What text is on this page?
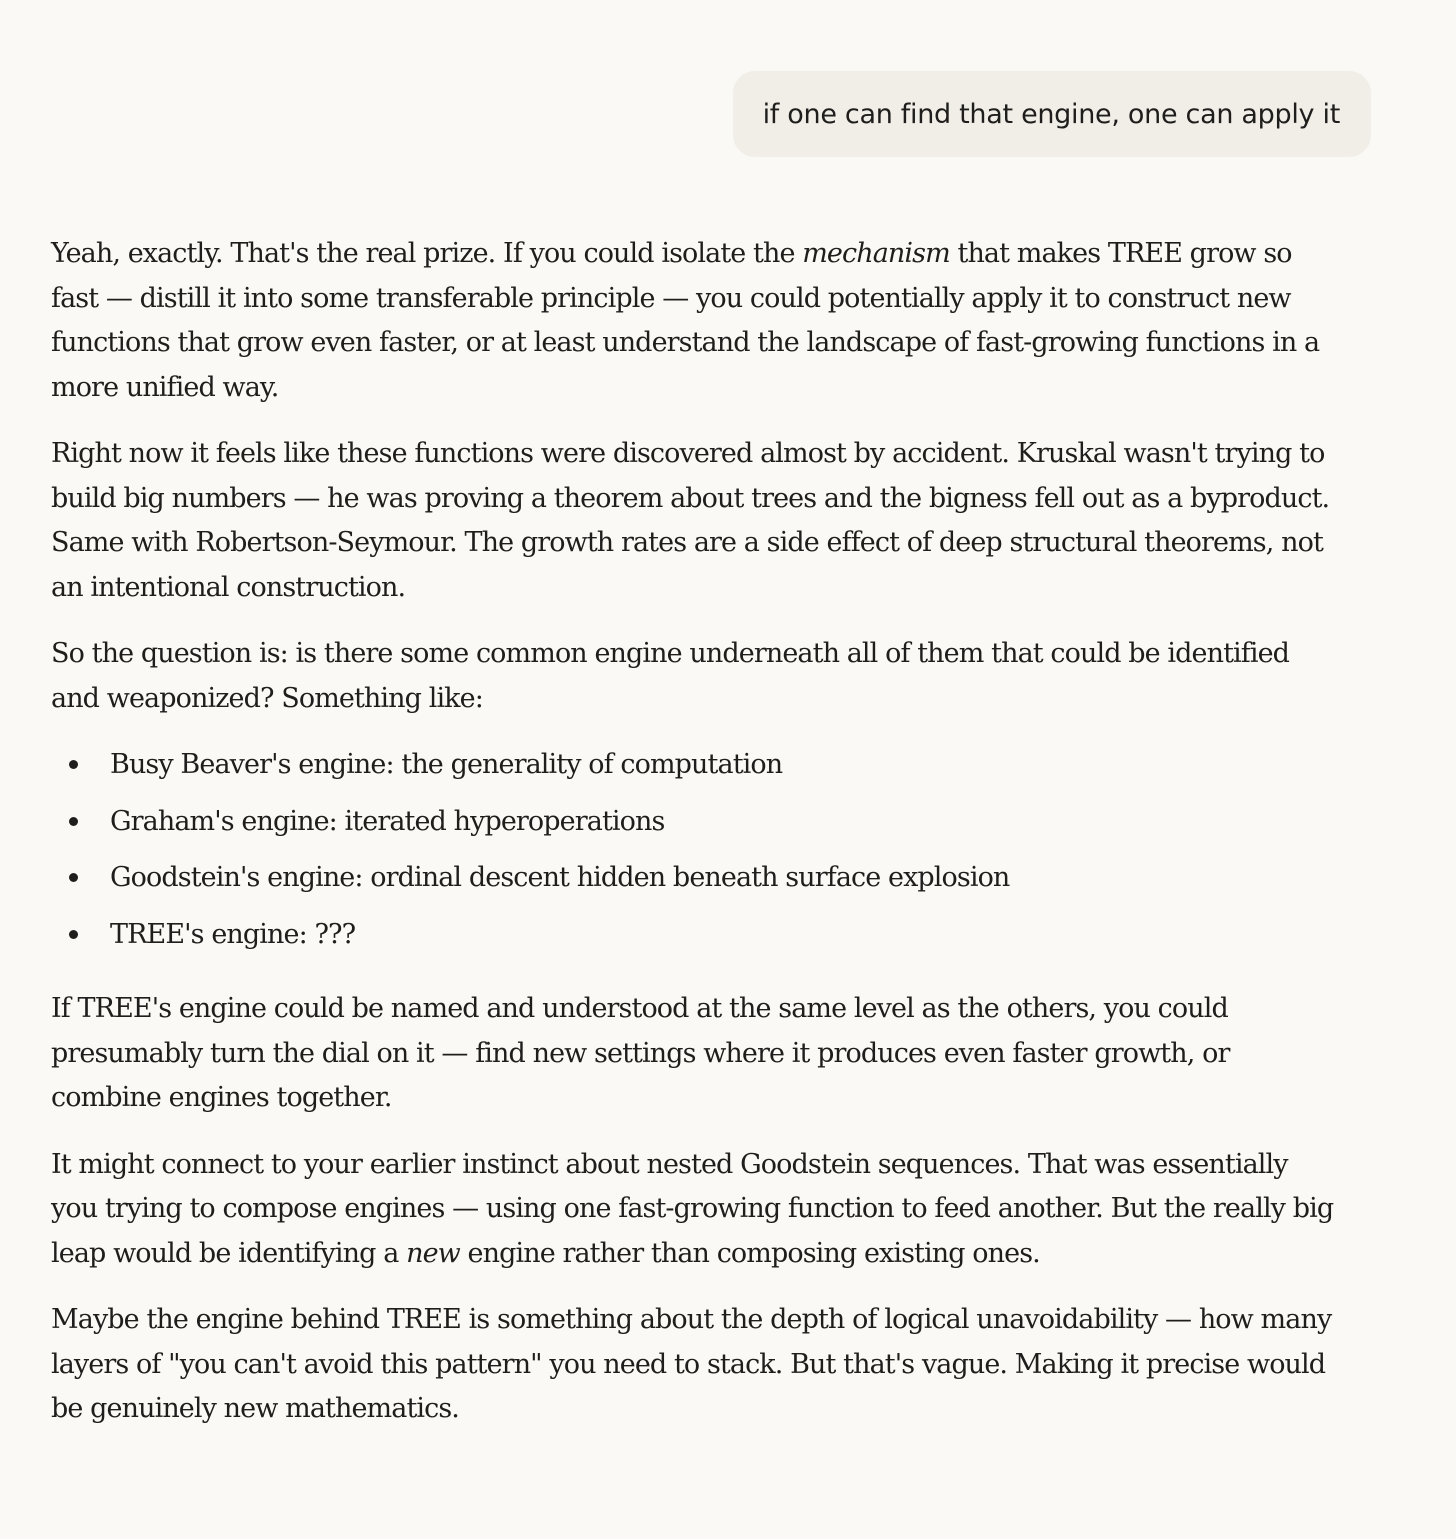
if one can find that engine, one can apply it

Yeah, exactly. That's the real prize. If you could isolate the mechanism that makes TREE grow so fast — distill it into some transferable principle — you could potentially apply it to construct new functions that grow even faster, or at least understand the landscape of fast-growing functions in a more unified way.

Right now it feels like these functions were discovered almost by accident. Kruskal wasn't trying to build big numbers — he was proving a theorem about trees and the bigness fell out as a byproduct. Same with Robertson-Seymour. The growth rates are a side effect of deep structural theorems, not an intentional construction.

So the question is: is there some common engine underneath all of them that could be identified and weaponized? Something like:

Busy Beaver's engine: the generality of computation
Graham's engine: iterated hyperoperations
Goodstein's engine: ordinal descent hidden beneath surface explosion
TREE's engine: ???

If TREE's engine could be named and understood at the same level as the others, you could presumably turn the dial on it — find new settings where it produces even faster growth, or combine engines together.

It might connect to your earlier instinct about nested Goodstein sequences. That was essentially you trying to compose engines — using one fast-growing function to feed another. But the really big leap would be identifying a new engine rather than composing existing ones.

Maybe the engine behind TREE is something about the depth of logical unavoidability — how many layers of "you can't avoid this pattern" you need to stack. But that's vague. Making it precise would be genuinely new mathematics.
